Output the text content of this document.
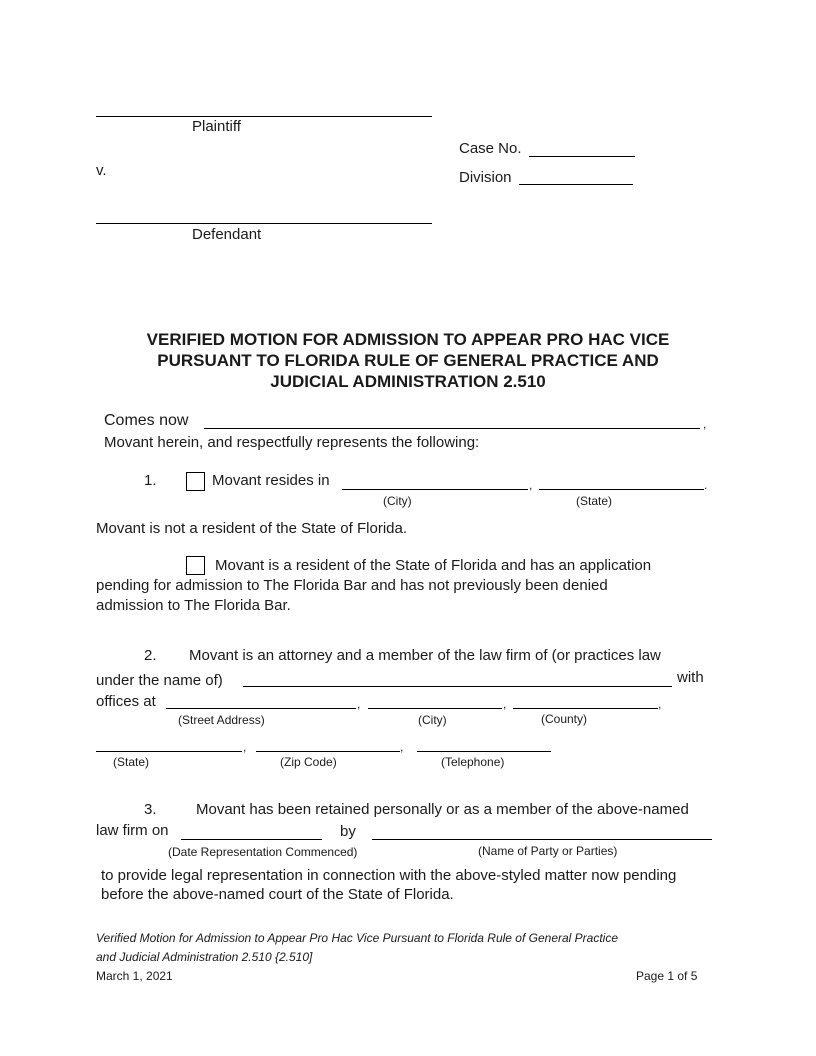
Plaintiff
v.
Defendant
Case No.
Division
VERIFIED MOTION FOR ADMISSION TO APPEAR PRO HAC VICE
PURSUANT TO FLORIDA RULE OF GENERAL PRACTICE AND
JUDICIAL ADMINISTRATION 2.510
Comes now	,
Movant herein, and respectfully represents the following:
1.	Movant resides in	,	.
(City)	(State)
Movant is not a resident of the State of Florida.
Movant is a resident of the State of Florida and has an application
pending for admission to The Florida Bar and has not previously been denied
admission to The Florida Bar.
2. Movant is an attorney and a member of the law firm of (or practices law
under the name of)	with
offices at	,	,	,
(Street Address)	(City)	(County)
,	,
(State)	(Zip Code)	(Telephone)
3.	Movant has been retained personally or as a member of the above-named
law firm on	by
(Date Representation Commenced)	(Name of Party or Parties)
to provide legal representation in connection with the above-styled matter now pending
before the above-named court of the State of Florida.
Verified Motion for Admission to Appear Pro Hac Vice Pursuant to Florida Rule of General Practice
and Judicial Administration 2.510 {2.510]
March 1, 2021	Page 1 of 5
